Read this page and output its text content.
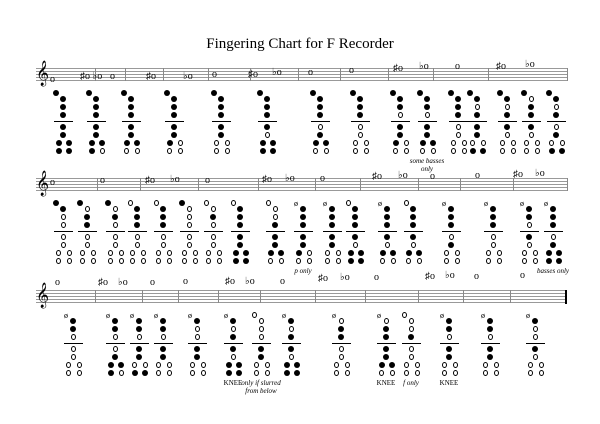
Fingering Chart for F Recorder
𝄞 o	♯o ♭o o	♯o	♭o o	♯o ♭o	o	o	♯o ♭o	o	♯o ♭o
some basses only
𝄞 o	o	♯o ♭o	o	♯o ♭o	o	♯o ♭o o	o	♯o ♭o
ø
p only
ø	ø	ø	ø	ø	ø
basses only
𝄞 o	♯o ♭o o	o	♯o ♭o	o	♯o ♭o o	♯o ♭o o	o
ø	ø	ø	ø	ø	ø
KNEE
only if slurred from below
ø	ø	ø
KNEE	f only
ø
KNEE
ø	ø
